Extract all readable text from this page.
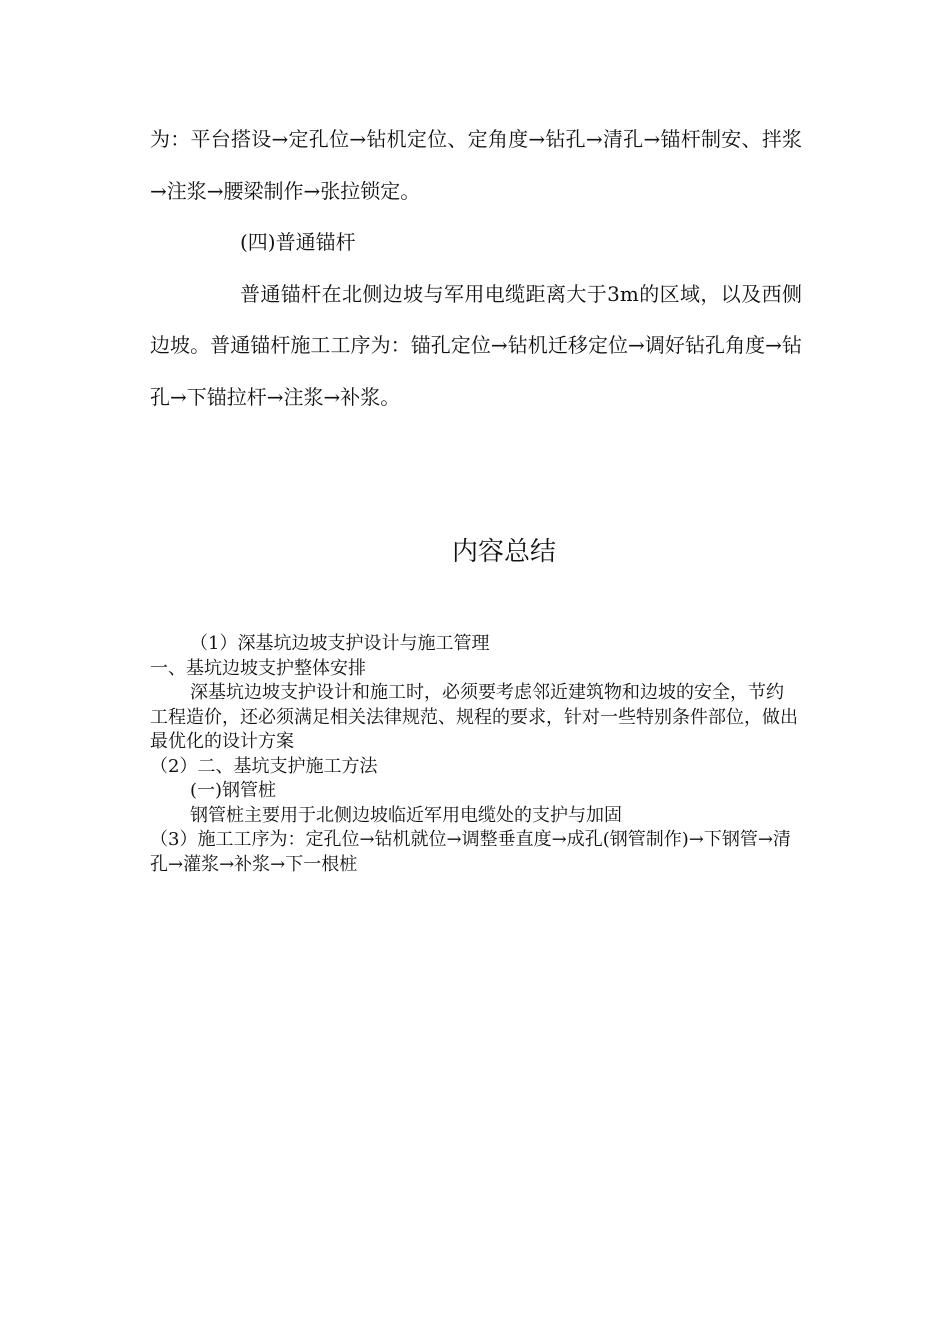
为：平台搭设→定孔位→钻机定位、定角度→钻孔→清孔→锚杆制安、拌浆→注浆→腰梁制作→张拉锁定。

(四)普通锚杆

普通锚杆在北侧边坡与军用电缆距离大于3m的区域，以及西侧边坡。普通锚杆施工工序为：锚孔定位→钻机迁移定位→调好钻孔角度→钻孔→下锚拉杆→注浆→补浆。

内容总结

（1）深基坑边坡支护设计与施工管理

一、基坑边坡支护整体安排

深基坑边坡支护设计和施工时，必须要考虑邻近建筑物和边坡的安全，节约工程造价，还必须满足相关法律规范、规程的要求，针对一些特别条件部位，做出最优化的设计方案

（2）二、基坑支护施工方法

(一)钢管桩

钢管桩主要用于北侧边坡临近军用电缆处的支护与加固

（3）施工工序为：定孔位→钻机就位→调整垂直度→成孔(钢管制作)→下钢管→清孔→灌浆→补浆→下一根桩
